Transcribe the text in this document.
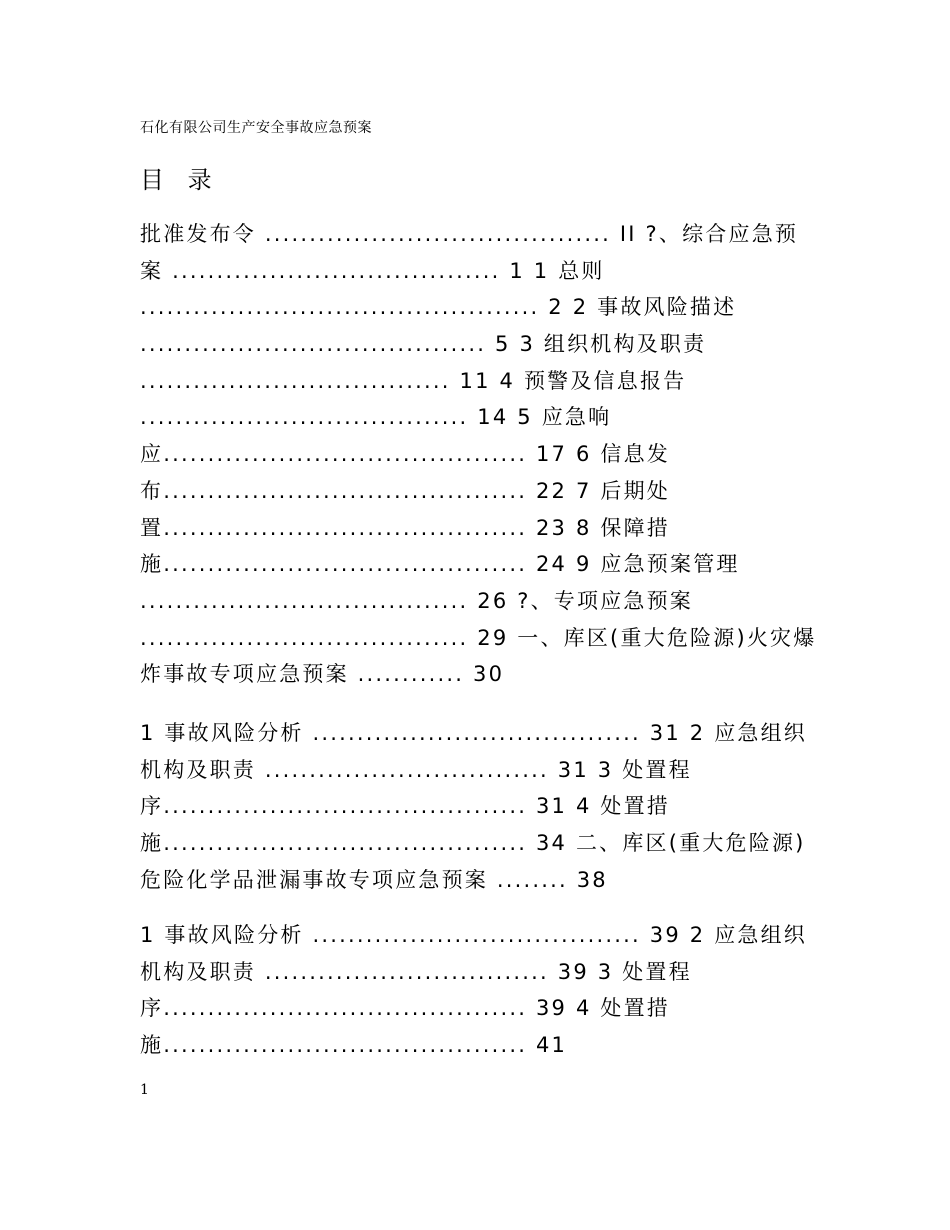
石化有限公司生产安全事故应急预案
目 录
批准发布令 ....................................... II ?、综合应急预
案 ..................................... 1 1 总则
............................................. 2 2 事故风险描述
....................................... 5 3 组织机构及职责
................................... 11 4 预警及信息报告
..................................... 14 5 应急响
应......................................... 17 6 信息发
布......................................... 22 7 后期处
置......................................... 23 8 保障措
施......................................... 24 9 应急预案管理
..................................... 26 ?、专项应急预案
..................................... 29 一、库区(重大危险源)火灾爆
炸事故专项应急预案 ............ 30
1 事故风险分析 ..................................... 31 2 应急组织
机构及职责 ................................ 31 3 处置程
序......................................... 31 4 处置措
施......................................... 34 二、库区(重大危险源)
危险化学品泄漏事故专项应急预案 ........ 38
1 事故风险分析 ..................................... 39 2 应急组织
机构及职责 ................................ 39 3 处置程
序......................................... 39 4 处置措
施......................................... 41
1
